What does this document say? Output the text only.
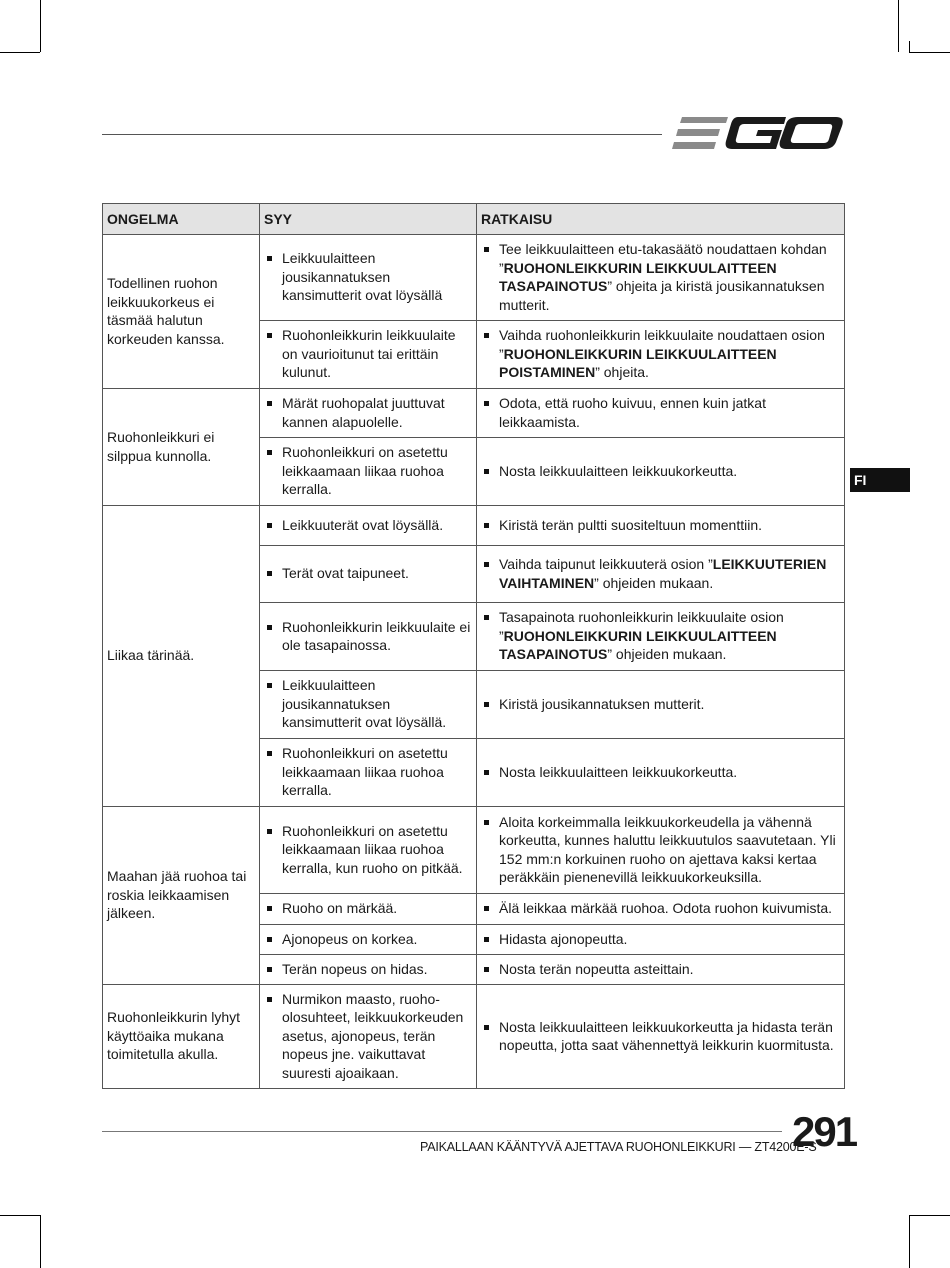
FI
ONGELMA	SYY	RATKAISU
Todellinen ruohon leikkuukorkeus ei täsmää halutun korkeuden kanssa.	Leikkuulaitteen jousikannatuksen kansimutterit ovat löysällä	Tee leikkuulaitteen etu-takasäätö noudattaen kohdan ”RUOHONLEIKKURIN LEIKKUULAITTEEN TASAPAINOTUS” ohjeita ja kiristä jousikannatuksen mutterit.

	Ruohonleikkurin leikkuulaite on vaurioitunut tai erittäin kulunut.	Vaihda ruohonleikkurin leikkuulaite noudattaen osion ”RUOHONLEIKKURIN LEIKKUULAITTEEN POISTAMINEN” ohjeita.

Ruohonleikkuri ei silppua kunnolla.	Märät ruohopalat juuttuvat kannen alapuolelle.	Odota, että ruoho kuivuu, ennen kuin jatkat leikkaamista.

	Ruohonleikkuri on asetettu leikkaamaan liikaa ruohoa kerralla.	Nosta leikkuulaitteen leikkuukorkeutta.

Liikaa tärinää.	Leikkuuterät ovat löysällä.	Kiristä terän pultti suositeltuun momenttiin.

	Terät ovat taipuneet.	Vaihda taipunut leikkuuterä osion ”LEIKKUUTERIEN VAIHTAMINEN” ohjeiden mukaan.

	Ruohonleikkurin leikkuulaite ei ole tasapainossa.	Tasapainota ruohonleikkurin leikkuulaite osion ”RUOHONLEIKKURIN LEIKKUULAITTEEN TASAPAINOTUS” ohjeiden mukaan.

	Leikkuulaitteen jousikannatuksen kansimutterit ovat löysällä.	Kiristä jousikannatuksen mutterit.

	Ruohonleikkuri on asetettu leikkaamaan liikaa ruohoa kerralla.	Nosta leikkuulaitteen leikkuukorkeutta.

Maahan jää ruohoa tai roskia leikkaamisen jälkeen.	Ruohonleikkuri on asetettu leikkaamaan liikaa ruohoa kerralla, kun ruoho on pitkää.	Aloita korkeimmalla leikkuukorkeudella ja vähennä korkeutta, kunnes haluttu leikkuutulos saavutetaan. Yli 152 mm:n korkuinen ruoho on ajettava kaksi kertaa peräkkäin pienenevillä leikkuukorkeuksilla.

	Ruoho on märkää.	Älä leikkaa märkää ruohoa. Odota ruohon kuivumista.

	Ajonopeus on korkea.	Hidasta ajonopeutta.

	Terän nopeus on hidas.	Nosta terän nopeutta asteittain.

Ruohonleikkurin lyhyt käyttöaika mukana toimitetulla akulla.	Nurmikon maasto, ruoho-olosuhteet, leikkuukorkeuden asetus, ajonopeus, terän nopeus jne. vaikuttavat suuresti ajoaikaan.	Nosta leikkuulaitteen leikkuukorkeutta ja hidasta terän nopeutta, jotta saat vähennettyä leikkurin kuormitusta.
PAIKALLAAN KÄÄNTYVÄ AJETTAVA RUOHONLEIKKURI — ZT4200E-S
291
